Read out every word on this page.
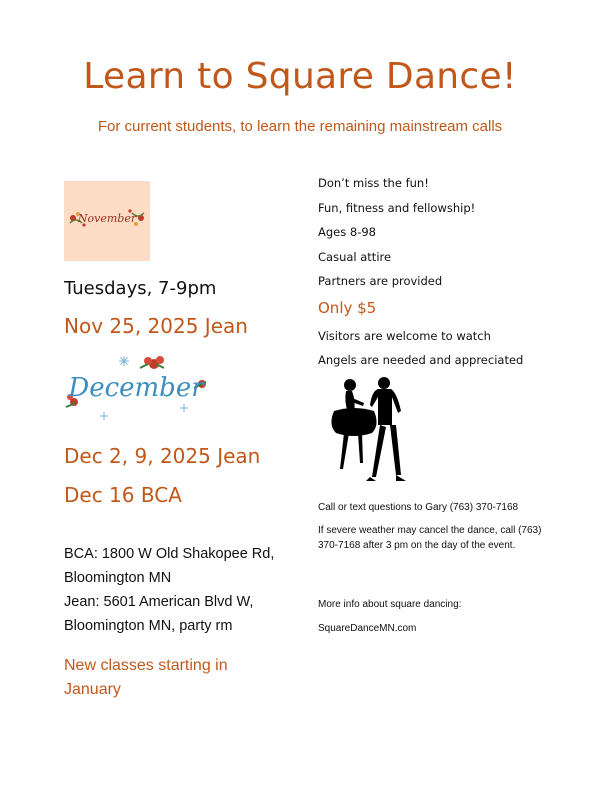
Learn to Square Dance!

For current students, to learn the remaining mainstream calls

November
Tuesdays, 7-9pm
Nov 25, 2025 Jean
December
Dec 2, 9, 2025 Jean
Dec 16 BCA
BCA: 1800 W Old Shakopee Rd,
Bloomington MN
Jean: 5601 American Blvd W,
Bloomington MN, party rm
New classes starting in
January
Don’t miss the fun!
Fun, fitness and fellowship!
Ages 8-98
Casual attire
Partners are provided
Only $5
Visitors are welcome to watch
Angels are needed and appreciated
Call or text questions to Gary (763) 370-7168
If severe weather may cancel the dance, call (763) 370-7168 after 3 pm on the day of the event.
More info about square dancing:
SquareDanceMN.com
